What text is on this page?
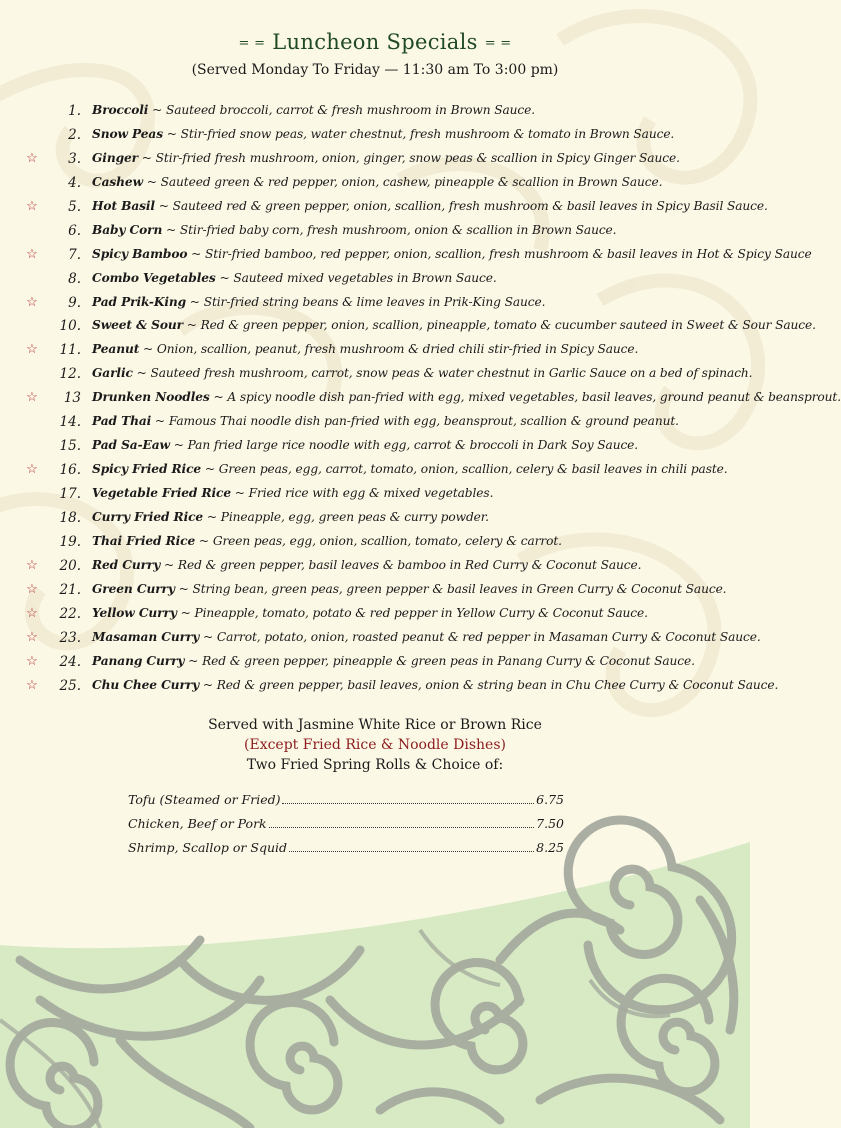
= = Luncheon Specials = =
(Served Monday To Friday — 11:30 am To 3:00 pm)
1. Broccoli ~ Sauteed broccoli, carrot & fresh mushroom in Brown Sauce.
2. Snow Peas ~ Stir-fried snow peas, water chestnut, fresh mushroom & tomato in Brown Sauce.
☆ 3. Ginger ~ Stir-fried fresh mushroom, onion, ginger, snow peas & scallion in Spicy Ginger Sauce.
4. Cashew ~ Sauteed green & red pepper, onion, cashew, pineapple & scallion in Brown Sauce.
☆ 5. Hot Basil ~ Sauteed red & green pepper, onion, scallion, fresh mushroom & basil leaves in Spicy Basil Sauce.
6. Baby Corn ~ Stir-fried baby corn, fresh mushroom, onion & scallion in Brown Sauce.
☆ 7. Spicy Bamboo ~ Stir-fried bamboo, red pepper, onion, scallion, fresh mushroom & basil leaves in Hot & Spicy Sauce
8. Combo Vegetables ~ Sauteed mixed vegetables in Brown Sauce.
☆ 9. Pad Prik-King ~ Stir-fried string beans & lime leaves in Prik-King Sauce.
10. Sweet & Sour ~ Red & green pepper, onion, scallion, pineapple, tomato & cucumber sauteed in Sweet & Sour Sauce.
☆ 11. Peanut ~ Onion, scallion, peanut, fresh mushroom & dried chili stir-fried in Spicy Sauce.
12. Garlic ~ Sauteed fresh mushroom, carrot, snow peas & water chestnut in Garlic Sauce on a bed of spinach.
☆ 13 Drunken Noodles ~ A spicy noodle dish pan-fried with egg, mixed vegetables, basil leaves, ground peanut & beansprout.
14. Pad Thai ~ Famous Thai noodle dish pan-fried with egg, beansprout, scallion & ground peanut.
15. Pad Sa-Eaw ~ Pan fried large rice noodle with egg, carrot & broccoli in Dark Soy Sauce.
☆ 16. Spicy Fried Rice ~ Green peas, egg, carrot, tomato, onion, scallion, celery & basil leaves in chili paste.
17. Vegetable Fried Rice ~ Fried rice with egg & mixed vegetables.
18. Curry Fried Rice ~ Pineapple, egg, green peas & curry powder.
19. Thai Fried Rice ~ Green peas, egg, onion, scallion, tomato, celery & carrot.
☆ 20. Red Curry ~ Red & green pepper, basil leaves & bamboo in Red Curry & Coconut Sauce.
☆ 21. Green Curry ~ String bean, green peas, green pepper & basil leaves in Green Curry & Coconut Sauce.
☆ 22. Yellow Curry ~ Pineapple, tomato, potato & red pepper in Yellow Curry & Coconut Sauce.
☆ 23. Masaman Curry ~ Carrot, potato, onion, roasted peanut & red pepper in Masaman Curry & Coconut Sauce.
☆ 24. Panang Curry ~ Red & green pepper, pineapple & green peas in Panang Curry & Coconut Sauce.
☆ 25. Chu Chee Curry ~ Red & green pepper, basil leaves, onion & string bean in Chu Chee Curry & Coconut Sauce.
Served with Jasmine White Rice or Brown Rice
(Except Fried Rice & Noodle Dishes)
Two Fried Spring Rolls & Choice of:
Tofu (Steamed or Fried)	6.75
Chicken, Beef or Pork	7.50
Shrimp, Scallop or Squid	8.25
